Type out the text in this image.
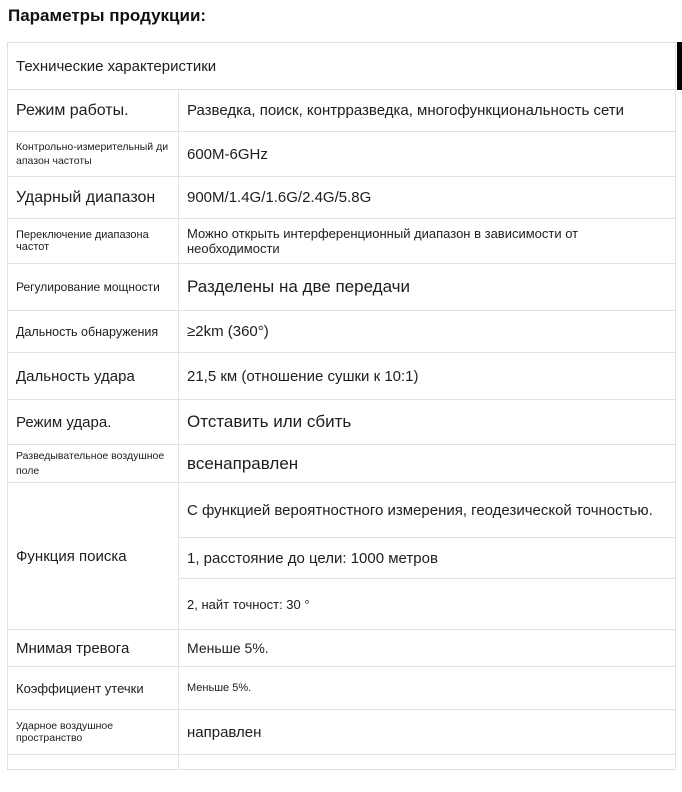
Параметры продукции:
Технические характеристики	
Режим работы.	Разведка, поиск, контрразведка, многофункциональность сети
Контрольно-измерительный диапазон частоты	600M-6GHz
Ударный диапазон	900M/1.4G/1.6G/2.4G/5.8G
Переключение диапазона частот	Можно открыть интерференционный диапазон в зависимости от необходимости
Регулирование мощности	Разделены на две передачи
Дальность обнаружения	≥2km (360°)
Дальность удара	21,5 км (отношение сушки к 10:1)
Режим удара.	Отставить или сбить
Разведывательное воздушное поле	всенаправлен
Функция поиска	С функцией вероятностного измерения, геодезической точностью.
	1, расстояние до цели: 1000 метров
	2, найт точност: 30 °
Мнимая тревога	Меньше 5%.
Коэффициент утечки	Меньше 5%.
Ударное воздушное пространство	направлен
